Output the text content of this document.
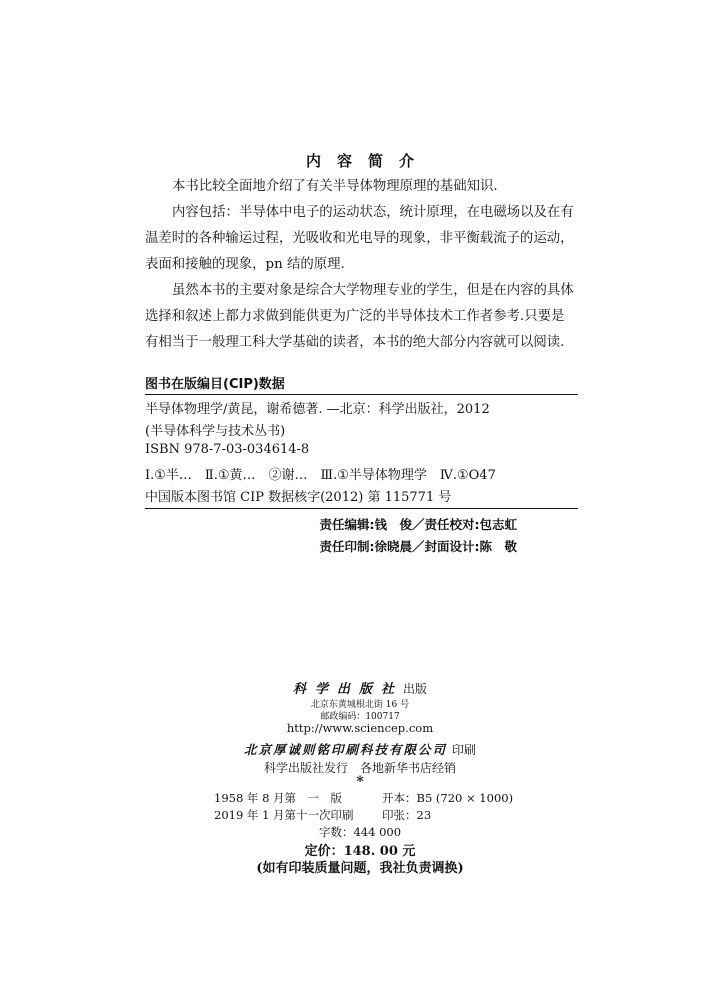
内容简介

本书比较全面地介绍了有关半导体物理原理的基础知识.

内容包括：半导体中电子的运动状态，统计原理，在电磁场以及在有温差时的各种输运过程，光吸收和光电导的现象，非平衡载流子的运动，表面和接触的现象，pn 结的原理.

虽然本书的主要对象是综合大学物理专业的学生，但是在内容的具体选择和叙述上都力求做到能供更为广泛的半导体技术工作者参考.只要是有相当于一般理工科大学基础的读者，本书的绝大部分内容就可以阅读.

图书在版编目(CIP)数据
半导体物理学/黄昆，谢希德著. —北京：科学出版社，2012
(半导体科学与技术丛书)
ISBN 978-7-03-034614-8
Ⅰ.①半…　Ⅱ.①黄…　②谢…　Ⅲ.①半导体物理学　Ⅳ.①O47
中国版本图书馆 CIP 数据核字(2012) 第 115771 号
责任编辑:钱　俊／责任校对:包志虹
责任印制:徐晓晨／封面设计:陈　敬
科学出版社出版
北京东黄城根北街 16 号
邮政编码：100717
http://www.sciencep.com
北京厚诚则铭印刷科技有限公司 印刷
科学出版社发行　各地新华书店经销
*
1958 年 8 月第　一　版	开本：B5 (720 × 1000)
2019 年 1 月第十一次印刷 印张：23
字数：444 000
定价：148. 00 元
(如有印装质量问题，我社负责调换)
